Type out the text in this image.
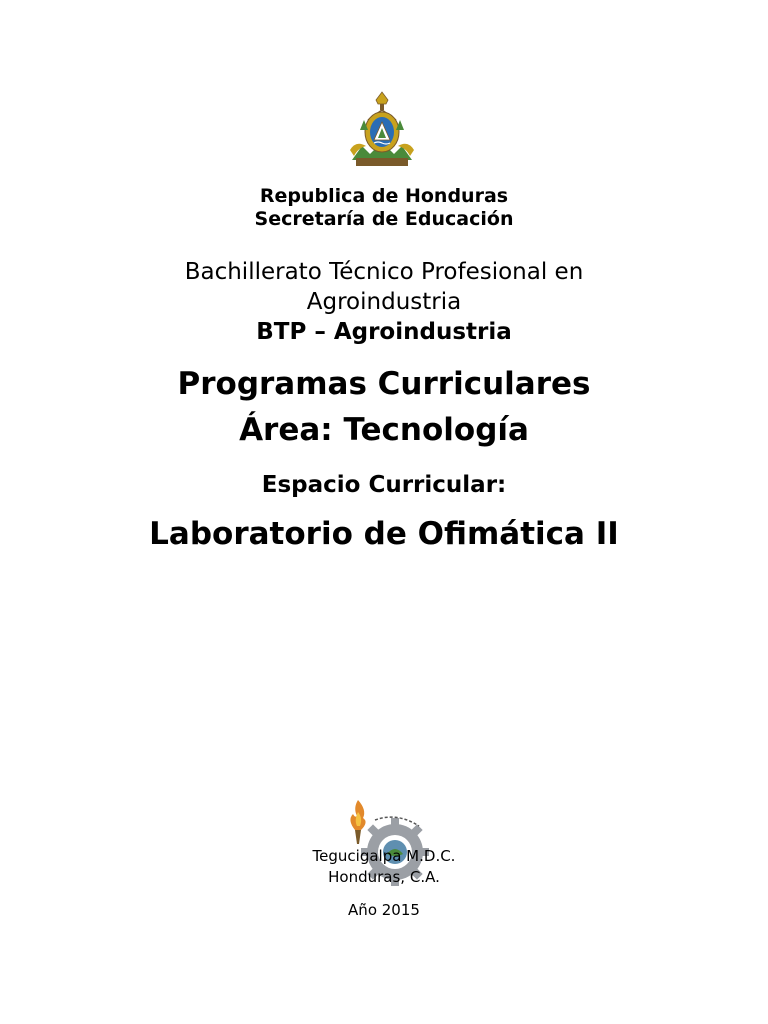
Republica de Honduras

Secretaría de Educación

Bachillerato Técnico Profesional en

Agroindustria

BTP – Agroindustria

Programas Curriculares

Área: Tecnología

Espacio Curricular:

Laboratorio de Ofimática II

Tegucigalpa M.D.C.
Honduras, C.A.
Año 2015
